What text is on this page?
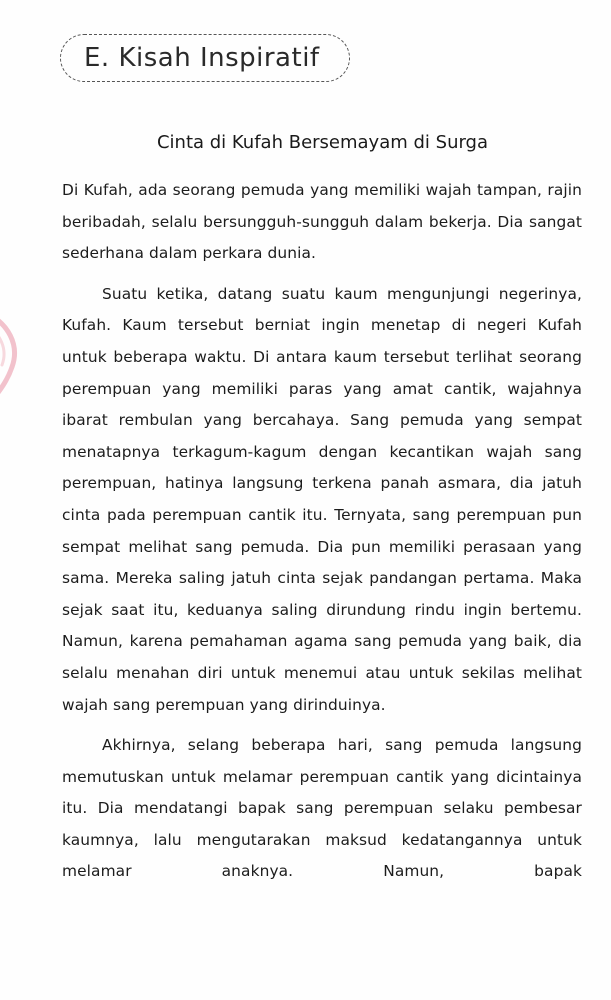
E. Kisah Inspiratif
Cinta di Kufah Bersemayam di Surga

Di Kufah, ada seorang pemuda yang memiliki wajah tampan, rajin beribadah, selalu bersungguh-sungguh dalam bekerja. Dia sangat sederhana dalam perkara dunia.

Suatu ketika, datang suatu kaum mengunjungi negerinya, Kufah. Kaum tersebut berniat ingin menetap di negeri Kufah untuk beberapa waktu. Di antara kaum tersebut terlihat seorang perempuan yang memiliki paras yang amat cantik, wajahnya ibarat rembulan yang bercahaya. Sang pemuda yang sempat menatapnya terkagum-kagum dengan kecantikan wajah sang perempuan, hatinya langsung terkena panah asmara, dia jatuh cinta pada perempuan cantik itu. Ternyata, sang perempuan pun sempat melihat sang pemuda. Dia pun memiliki perasaan yang sama. Mereka saling jatuh cinta sejak pandangan pertama. Maka sejak saat itu, keduanya saling dirundung rindu ingin bertemu. Namun, karena pemahaman agama sang pemuda yang baik, dia selalu menahan diri untuk menemui atau untuk sekilas melihat wajah sang perempuan yang dirinduinya.

Akhirnya, selang beberapa hari, sang pemuda langsung memutuskan untuk melamar perempuan cantik yang dicintainya itu. Dia mendatangi bapak sang perempuan selaku pembesar kaumnya, lalu mengutarakan maksud kedatangannya untuk melamar anaknya. Namun, bapak
